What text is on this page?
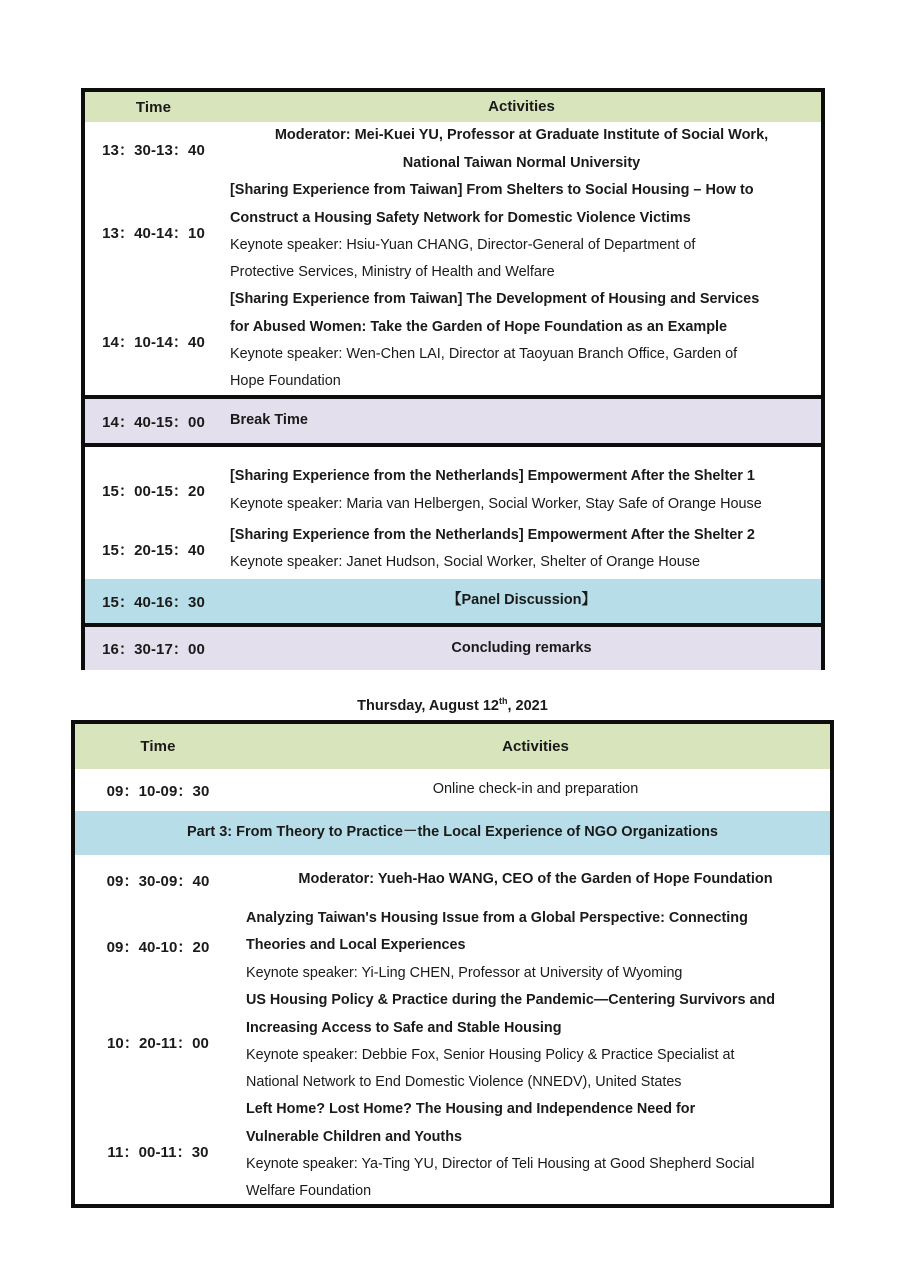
Time	Activities
13：30-13：40
Moderator: Mei-Kuei YU, Professor at Graduate Institute of Social Work,
National Taiwan Normal University
13：40-14：10
[Sharing Experience from Taiwan] From Shelters to Social Housing – How to
Construct a Housing Safety Network for Domestic Violence Victims
Keynote speaker: Hsiu-Yuan CHANG, Director-General of Department of
Protective Services, Ministry of Health and Welfare
14：10-14：40
[Sharing Experience from Taiwan] The Development of Housing and Services
for Abused Women: Take the Garden of Hope Foundation as an Example
Keynote speaker: Wen-Chen LAI, Director at Taoyuan Branch Office, Garden of
Hope Foundation
14：40-15：00	Break Time
15：00-15：20
[Sharing Experience from the Netherlands] Empowerment After the Shelter 1
Keynote speaker: Maria van Helbergen, Social Worker, Stay Safe of Orange House
15：20-15：40
[Sharing Experience from the Netherlands] Empowerment After the Shelter 2
Keynote speaker: Janet Hudson, Social Worker, Shelter of Orange House
15：40-16：30	【Panel Discussion】
16：30-17：00	Concluding remarks
Thursday, August 12th, 2021
Time	Activities
09：10-09：30	Online check-in and preparation
Part 3: From Theory to Practice－the Local Experience of NGO Organizations
09：30-09：40	Moderator: Yueh-Hao WANG, CEO of the Garden of Hope Foundation
09：40-10：20
Analyzing Taiwan's Housing Issue from a Global Perspective: Connecting
Theories and Local Experiences
Keynote speaker: Yi-Ling CHEN, Professor at University of Wyoming
10：20-11：00
US Housing Policy & Practice during the Pandemic—Centering Survivors and
Increasing Access to Safe and Stable Housing
Keynote speaker: Debbie Fox, Senior Housing Policy & Practice Specialist at
National Network to End Domestic Violence (NNEDV), United States
11：00-11：30
Left Home? Lost Home? The Housing and Independence Need for
Vulnerable Children and Youths
Keynote speaker: Ya-Ting YU, Director of Teli Housing at Good Shepherd Social
Welfare Foundation
